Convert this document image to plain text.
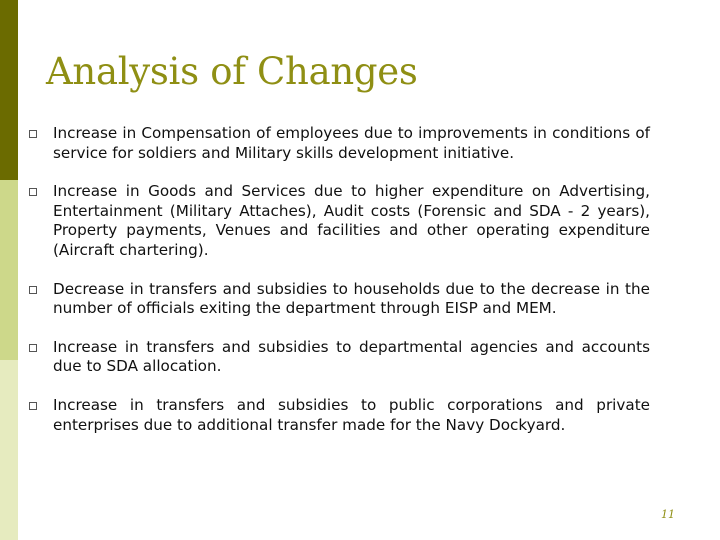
Analysis of Changes
Increase in Compensation of employees due to improvements in conditions of service for soldiers and Military skills development initiative.
Increase in Goods and Services due to higher expenditure on Advertising, Entertainment (Military Attaches), Audit costs (Forensic and SDA - 2 years), Property payments, Venues and facilities and other operating expenditure (Aircraft chartering).
Decrease in transfers and subsidies to households due to the decrease in the number of officials exiting the department through EISP and MEM.
Increase in transfers and subsidies to departmental agencies and accounts due to SDA allocation.
Increase in transfers and subsidies to public corporations and private enterprises due to additional transfer made for the Navy Dockyard.
11
